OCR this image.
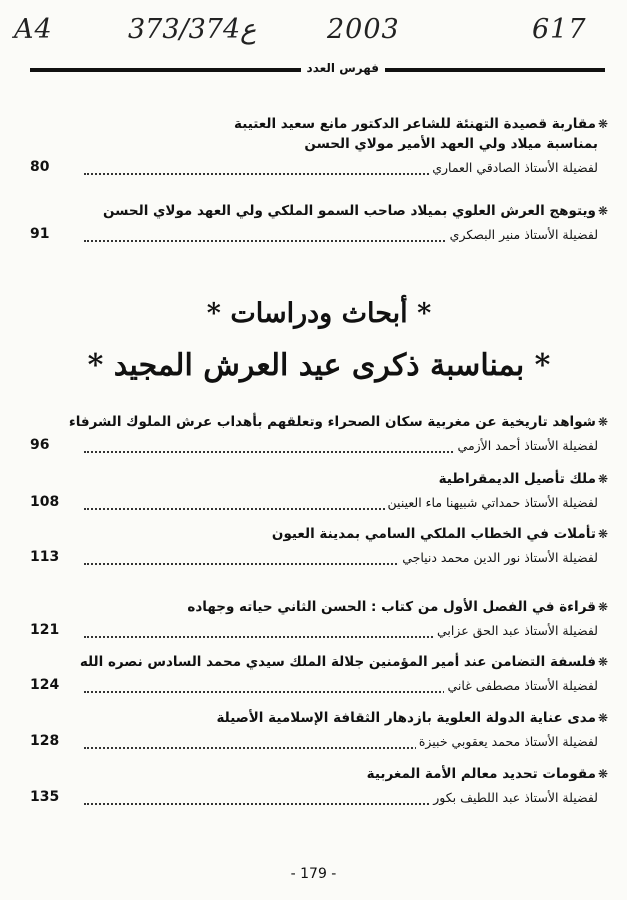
A4	373/374ع	2003	617
فهرس العدد
❋مقاربة قصيدة التهنئة للشاعر الدكتور مانع سعيد العتيبة
بمناسبة ميلاد ولي العهد الأمير مولاي الحسن
لفضيلة الأستاذ الصادقي العماري
80
❋ويتوهج العرش العلوي بميلاد صاحب السمو الملكي ولي العهد مولاي الحسن
لفضيلة الأستاذ منير البصكري
91
* أبحاث ودراسات *
* بمناسبة ذكرى عيد العرش المجيد *
❋شواهد تاريخية عن مغربية سكان الصحراء وتعلقهم بأهداب عرش الملوك الشرفاء
لفضيلة الأستاذ أحمد الأزمي
96
❋ملك تأصيل الديمقراطية
لفضيلة الأستاذ حمداتي شبيهنا ماء العينين
108
❋تأملات في الخطاب الملكي السامي بمدينة العيون
لفضيلة الأستاذ نور الدين محمد دنياجي
113
❋قراءة في الفصل الأول من كتاب : الحسن الثاني حياته وجهاده
لفضيلة الأستاذ عبد الحق عزابي
121
❋فلسفة التضامن عند أمير المؤمنين جلالة الملك سيدي محمد السادس نصره الله
لفضيلة الأستاذ مصطفى غاني
124
❋مدى عناية الدولة العلوية بازدهار الثقافة الإسلامية الأصيلة
لفضيلة الأستاذ محمد يعقوبي خبيزة
128
❋مقومات تحديد معالم الأمة المغربية
لفضيلة الأستاذ عبد اللطيف بكور
135
- 179 -
